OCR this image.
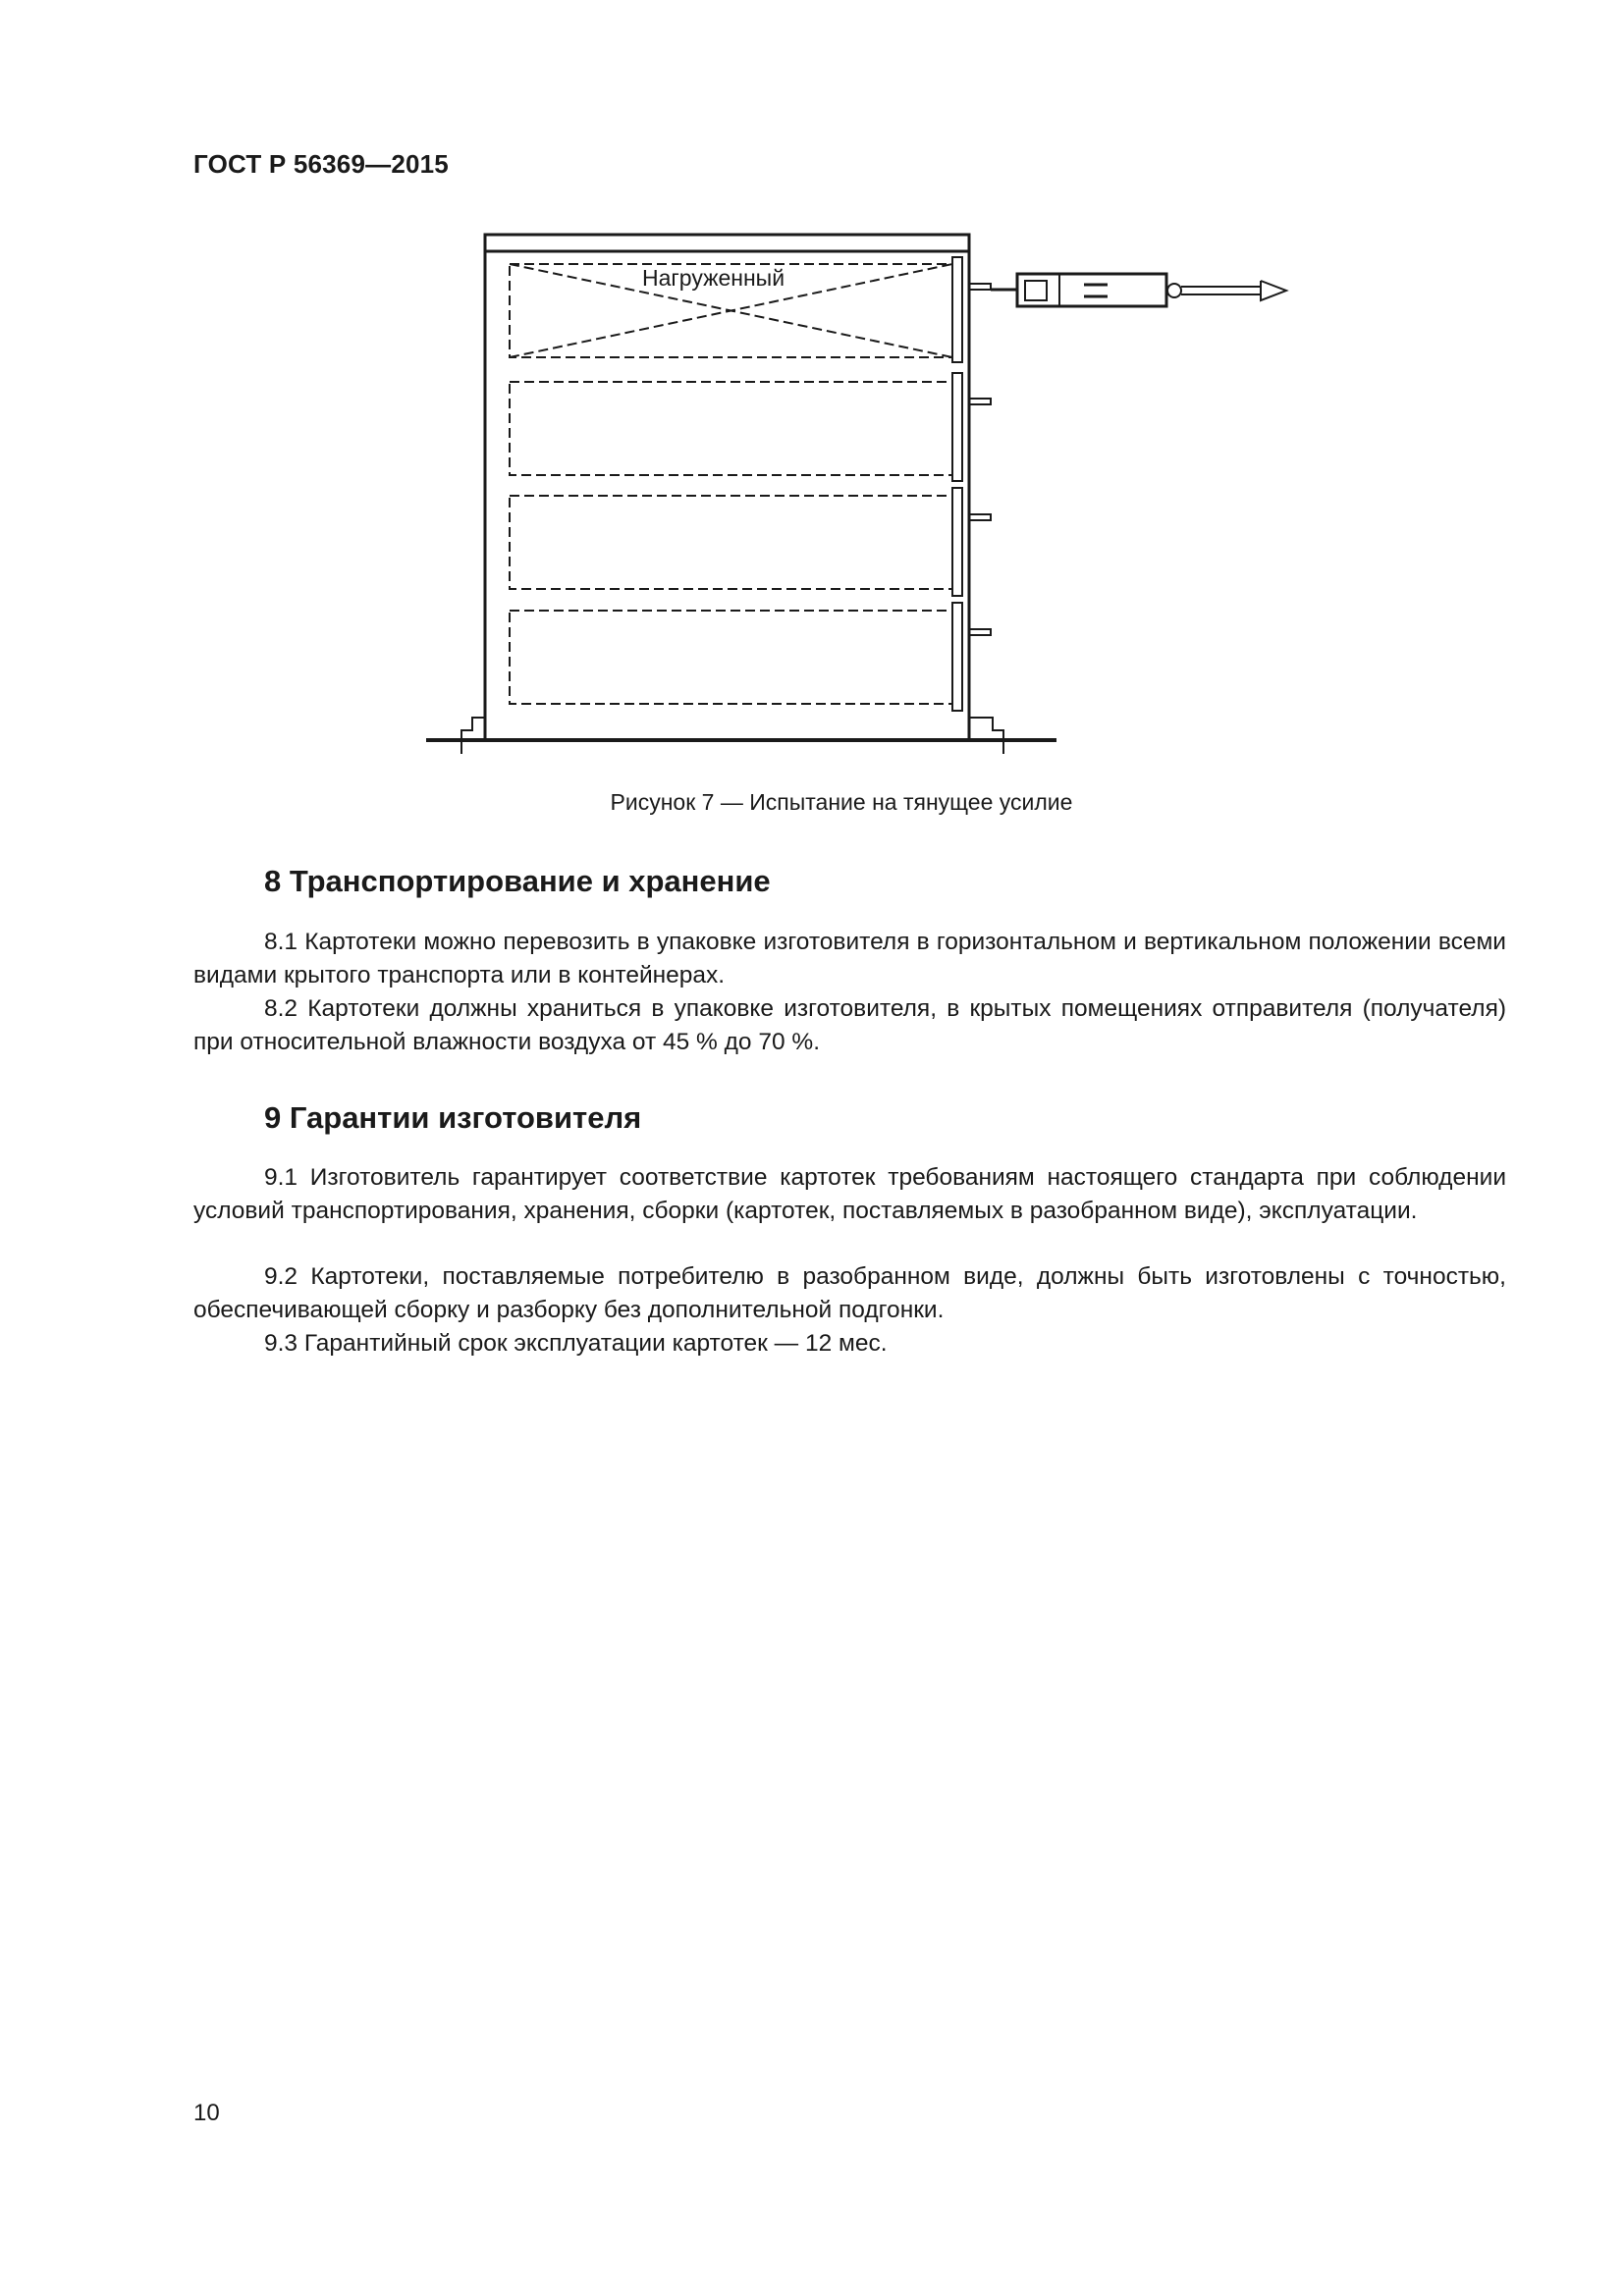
ГОСТ Р 56369—2015
Нагруженный
Рисунок 7 — Испытание на тянущее усилие
8 Транспортирование и хранение

8.1 Картотеки можно перевозить в упаковке изготовителя в горизонтальном и вертикальном положении всеми видами крытого транспорта или в контейнерах.

8.2 Картотеки должны храниться в упаковке изготовителя, в крытых помещениях отправителя (получателя) при относительной влажности воздуха от 45 % до 70 %.

9 Гарантии изготовителя

9.1 Изготовитель гарантирует соответствие картотек требованиям настоящего стандарта при соблюдении условий транспортирования, хранения, сборки (картотек, поставляемых в разобранном виде), эксплуатации.

9.2 Картотеки, поставляемые потребителю в разобранном виде, должны быть изготовлены с точностью, обеспечивающей сборку и разборку без дополнительной подгонки.

9.3 Гарантийный срок эксплуатации картотек — 12 мес.

10
